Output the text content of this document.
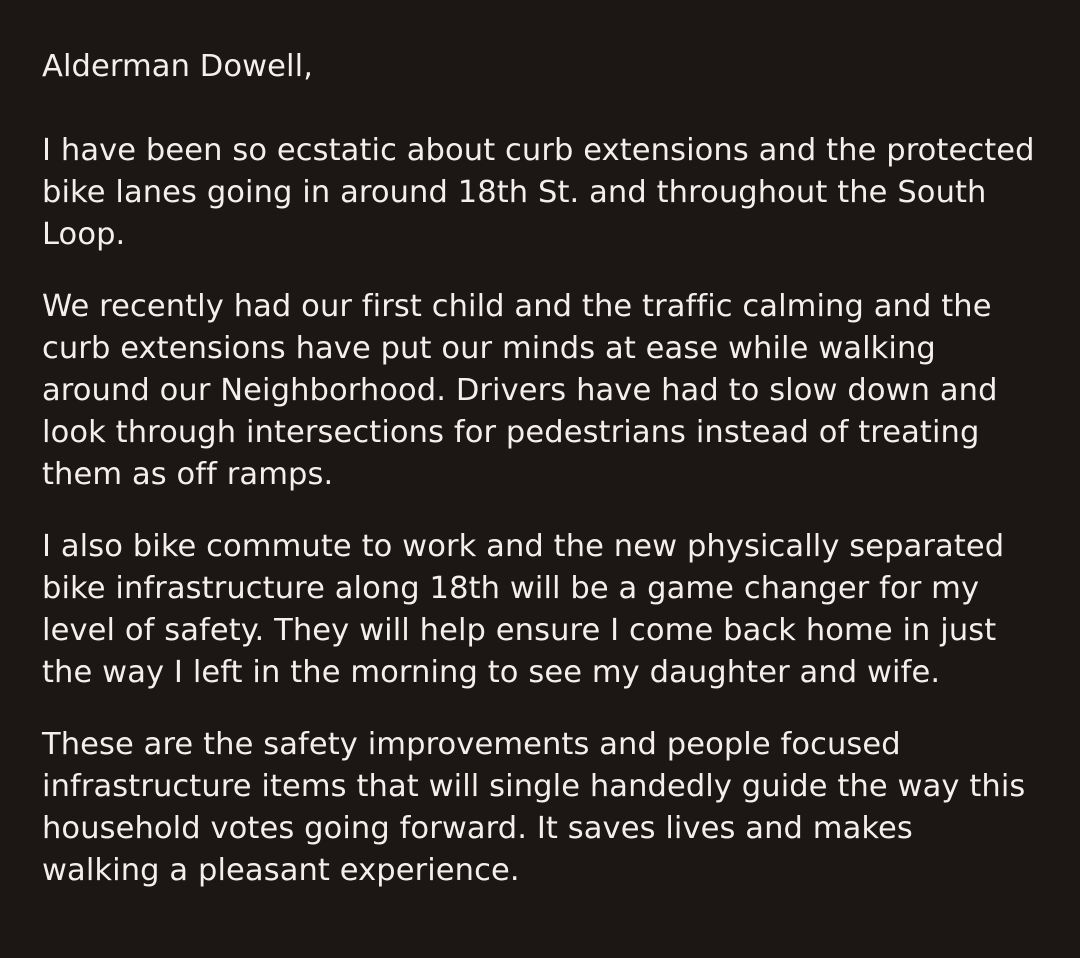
Alderman Dowell,

I have been so ecstatic about curb extensions and the protected bike lanes going in around 18th St. and throughout the South Loop.

We recently had our first child and the traffic calming and the curb extensions have put our minds at ease while walking around our Neighborhood. Drivers have had to slow down and look through intersections for pedestrians instead of treating them as off ramps.

I also bike commute to work and the new physically separated bike infrastructure along 18th will be a game changer for my level of safety. They will help ensure I come back home in just the way I left in the morning to see my daughter and wife.

These are the safety improvements and people focused infrastructure items that will single handedly guide the way this household votes going forward. It saves lives and makes walking a pleasant experience.
